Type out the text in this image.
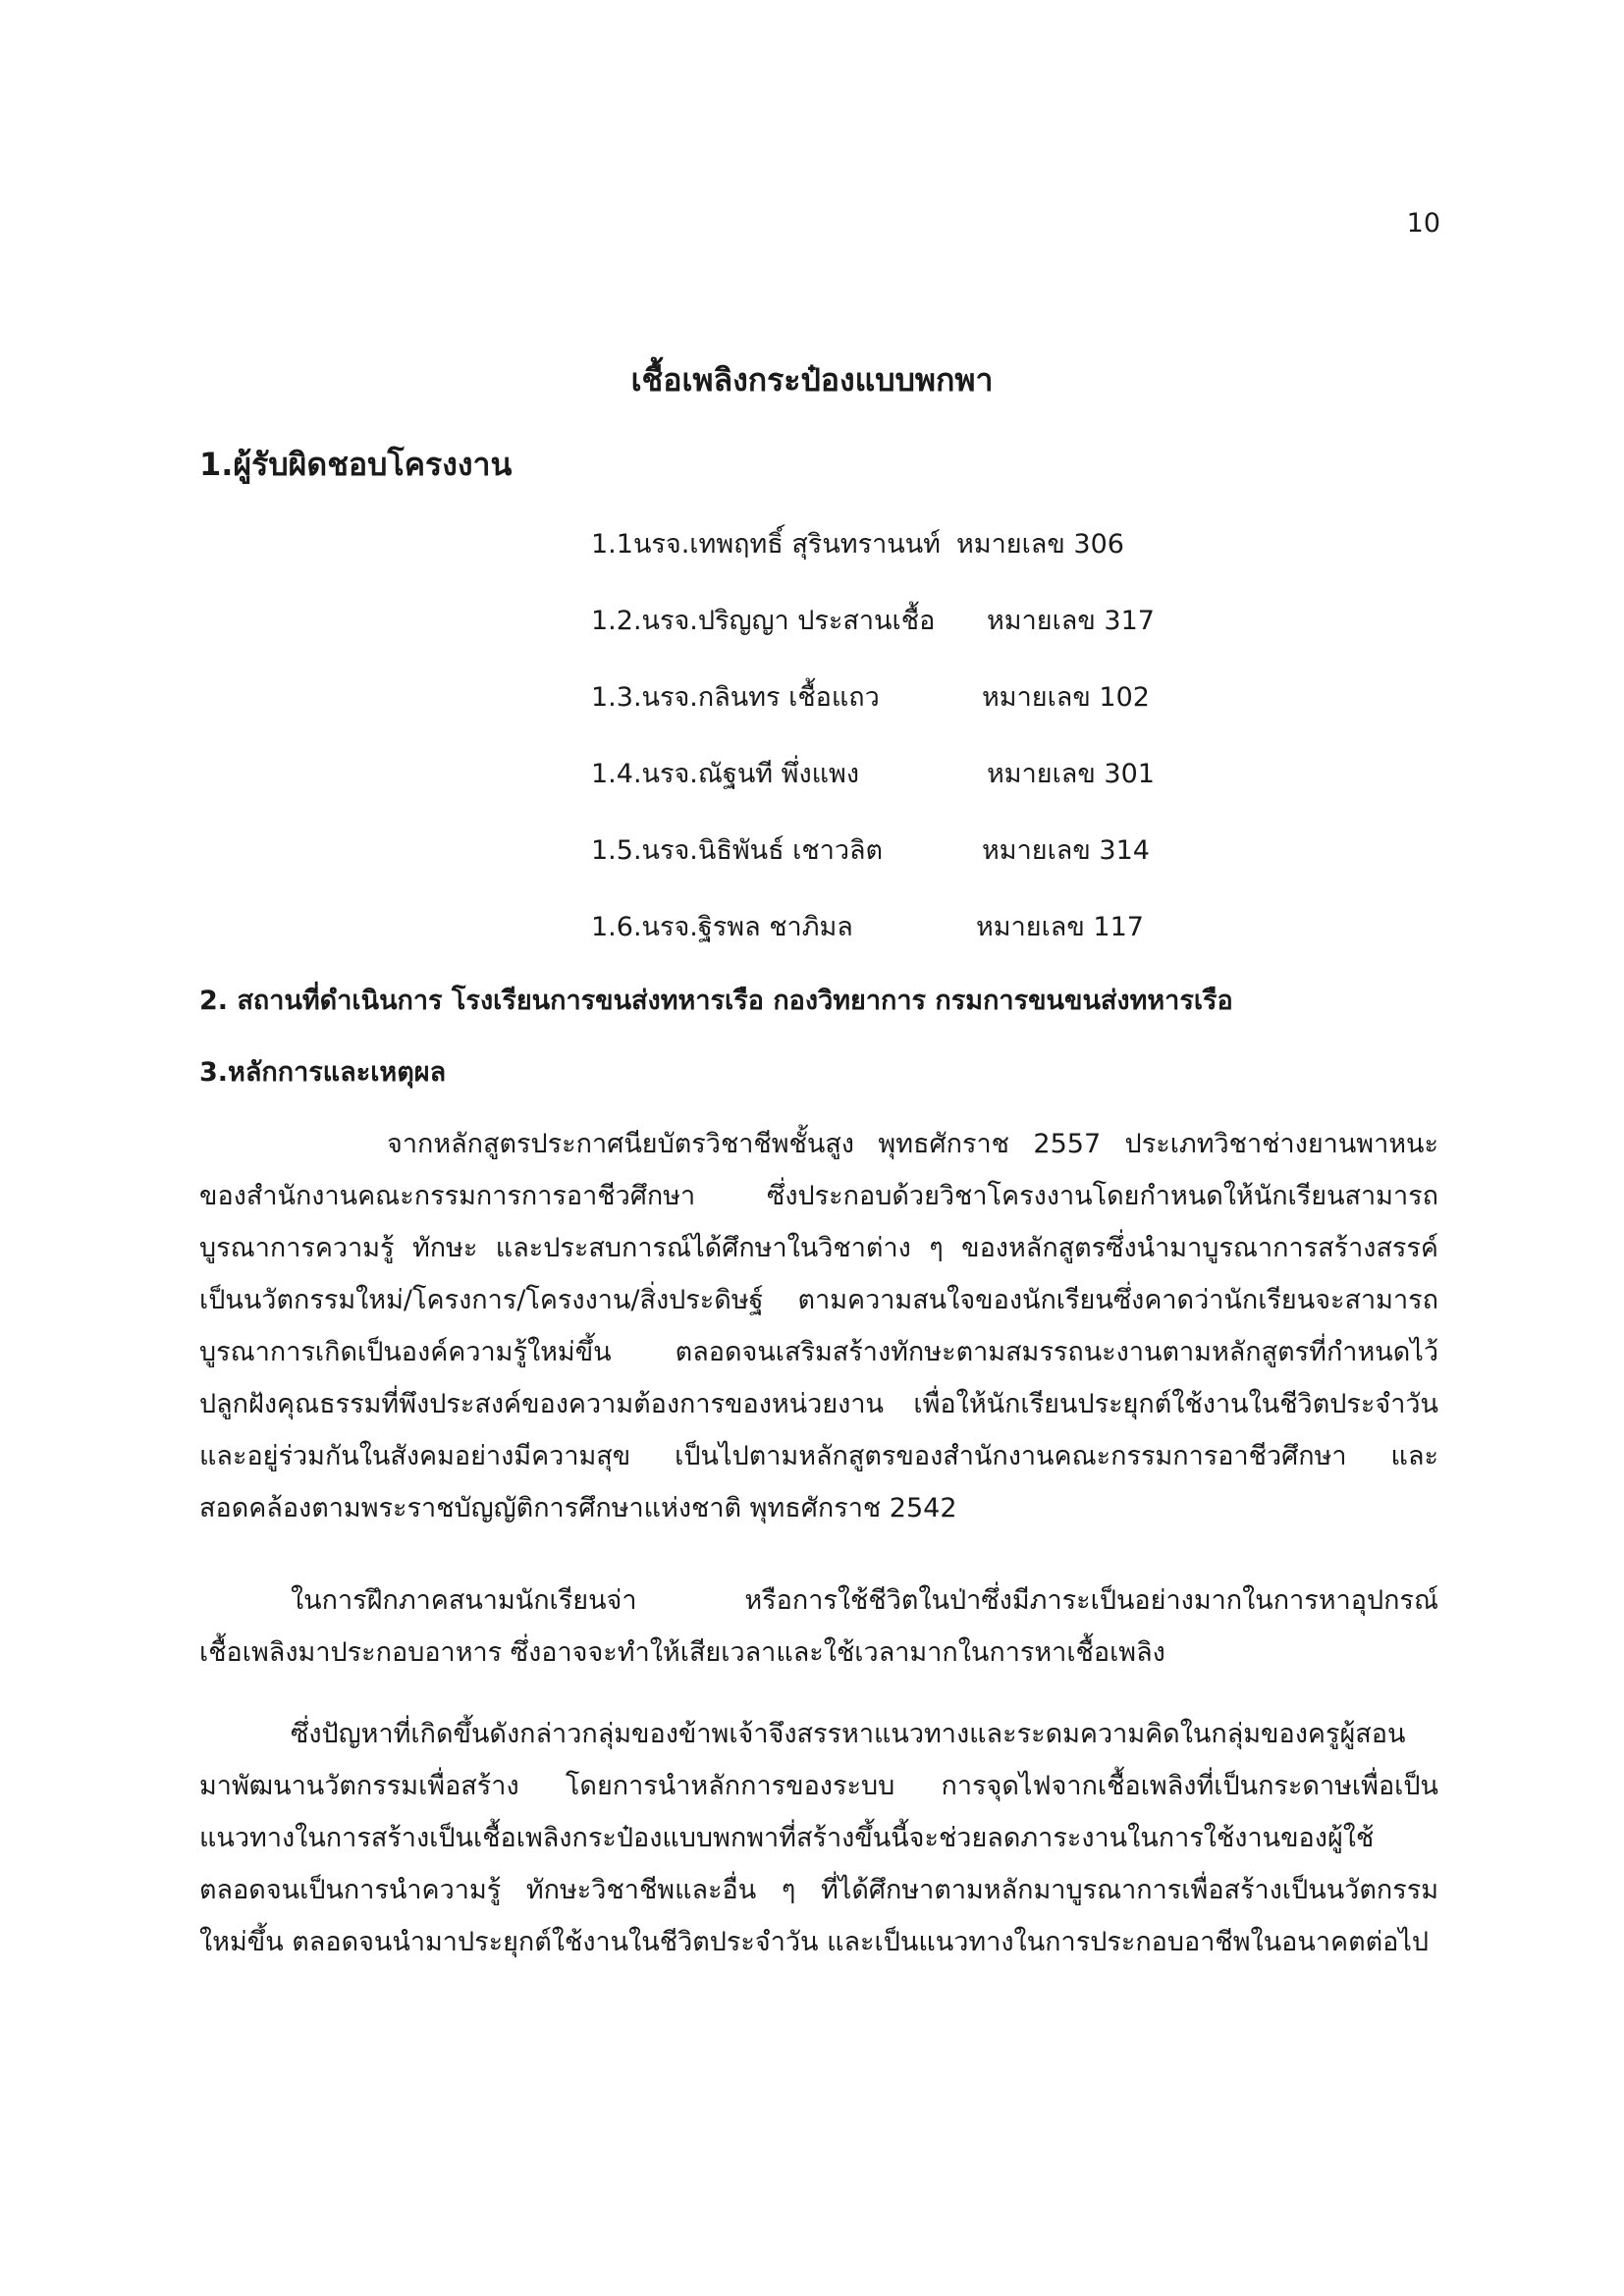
10
เชื้อเพลิงกระป๋องแบบพกพา
1.ผู้รับผิดชอบโครงงาน
1.1นรจ.เทพฤทธิ์ สุรินทรานนท์ หมายเลข 306
1.2.นรจ.ปริญญา ประสานเชื้อ หมายเลข 317
1.3.นรจ.กลินทร เชื้อแถว	หมายเลข 102
1.4.นรจ.ณัฐนที พึ่งแพง	หมายเลข 301
1.5.นรจ.นิธิพันธ์ เชาวลิต	หมายเลข 314
1.6.นรจ.ฐิรพล ชาภิมล	หมายเลข 117
2. สถานที่ดำเนินการ โรงเรียนการขนส่งทหารเรือ กองวิทยาการ กรมการขนขนส่งทหารเรือ
3.หลักการและเหตุผล
จากหลักสูตรประกาศนียบัตรวิชาชีพชั้นสูง พุทธศักราช 2557 ประเภทวิชาช่างยานพาหนะ
ของสำนักงานคณะกรรมการการอาชีวศึกษา ซึ่งประกอบด้วยวิชาโครงงานโดยกำหนดให้นักเรียนสามารถ
บูรณาการความรู้ ทักษะ และประสบการณ์ได้ศึกษาในวิชาต่าง ๆ ของหลักสูตรซึ่งนำมาบูรณาการสร้างสรรค์
เป็นนวัตกรรมใหม่/โครงการ/โครงงาน/สิ่งประดิษฐ์ ตามความสนใจของนักเรียนซึ่งคาดว่านักเรียนจะสามารถ
บูรณาการเกิดเป็นองค์ความรู้ใหม่ขึ้น ตลอดจนเสริมสร้างทักษะตามสมรรถนะงานตามหลักสูตรที่กำหนดไว้
ปลูกฝังคุณธรรมที่พึงประสงค์ของความต้องการของหน่วยงาน เพื่อให้นักเรียนประยุกต์ใช้งานในชีวิตประจำวัน
และอยู่ร่วมกันในสังคมอย่างมีความสุข เป็นไปตามหลักสูตรของสำนักงานคณะกรรมการอาชีวศึกษา และ
สอดคล้องตามพระราชบัญญัติการศึกษาแห่งชาติ พุทธศักราช 2542
ในการฝึกภาคสนามนักเรียนจ่า หรือการใช้ชีวิตในป่าซึ่งมีภาระเป็นอย่างมากในการหาอุปกรณ์
เชื้อเพลิงมาประกอบอาหาร ซึ่งอาจจะทำให้เสียเวลาและใช้เวลามากในการหาเชื้อเพลิง
ซึ่งปัญหาที่เกิดขึ้นดังกล่าวกลุ่มของข้าพเจ้าจึงสรรหาแนวทางและระดมความคิดในกลุ่มของครูผู้สอน
มาพัฒนานวัตกรรมเพื่อสร้าง โดยการนำหลักการของระบบ การจุดไฟจากเชื้อเพลิงที่เป็นกระดาษเพื่อเป็น
แนวทางในการสร้างเป็นเชื้อเพลิงกระป๋องแบบพกพาที่สร้างขึ้นนี้จะช่วยลดภาระงานในการใช้งานของผู้ใช้
ตลอดจนเป็นการนำความรู้ ทักษะวิชาชีพและอื่น ๆ ที่ได้ศึกษาตามหลักมาบูรณาการเพื่อสร้างเป็นนวัตกรรม
ใหม่ขึ้น ตลอดจนนำมาประยุกต์ใช้งานในชีวิตประจำวัน และเป็นแนวทางในการประกอบอาชีพในอนาคตต่อไป
